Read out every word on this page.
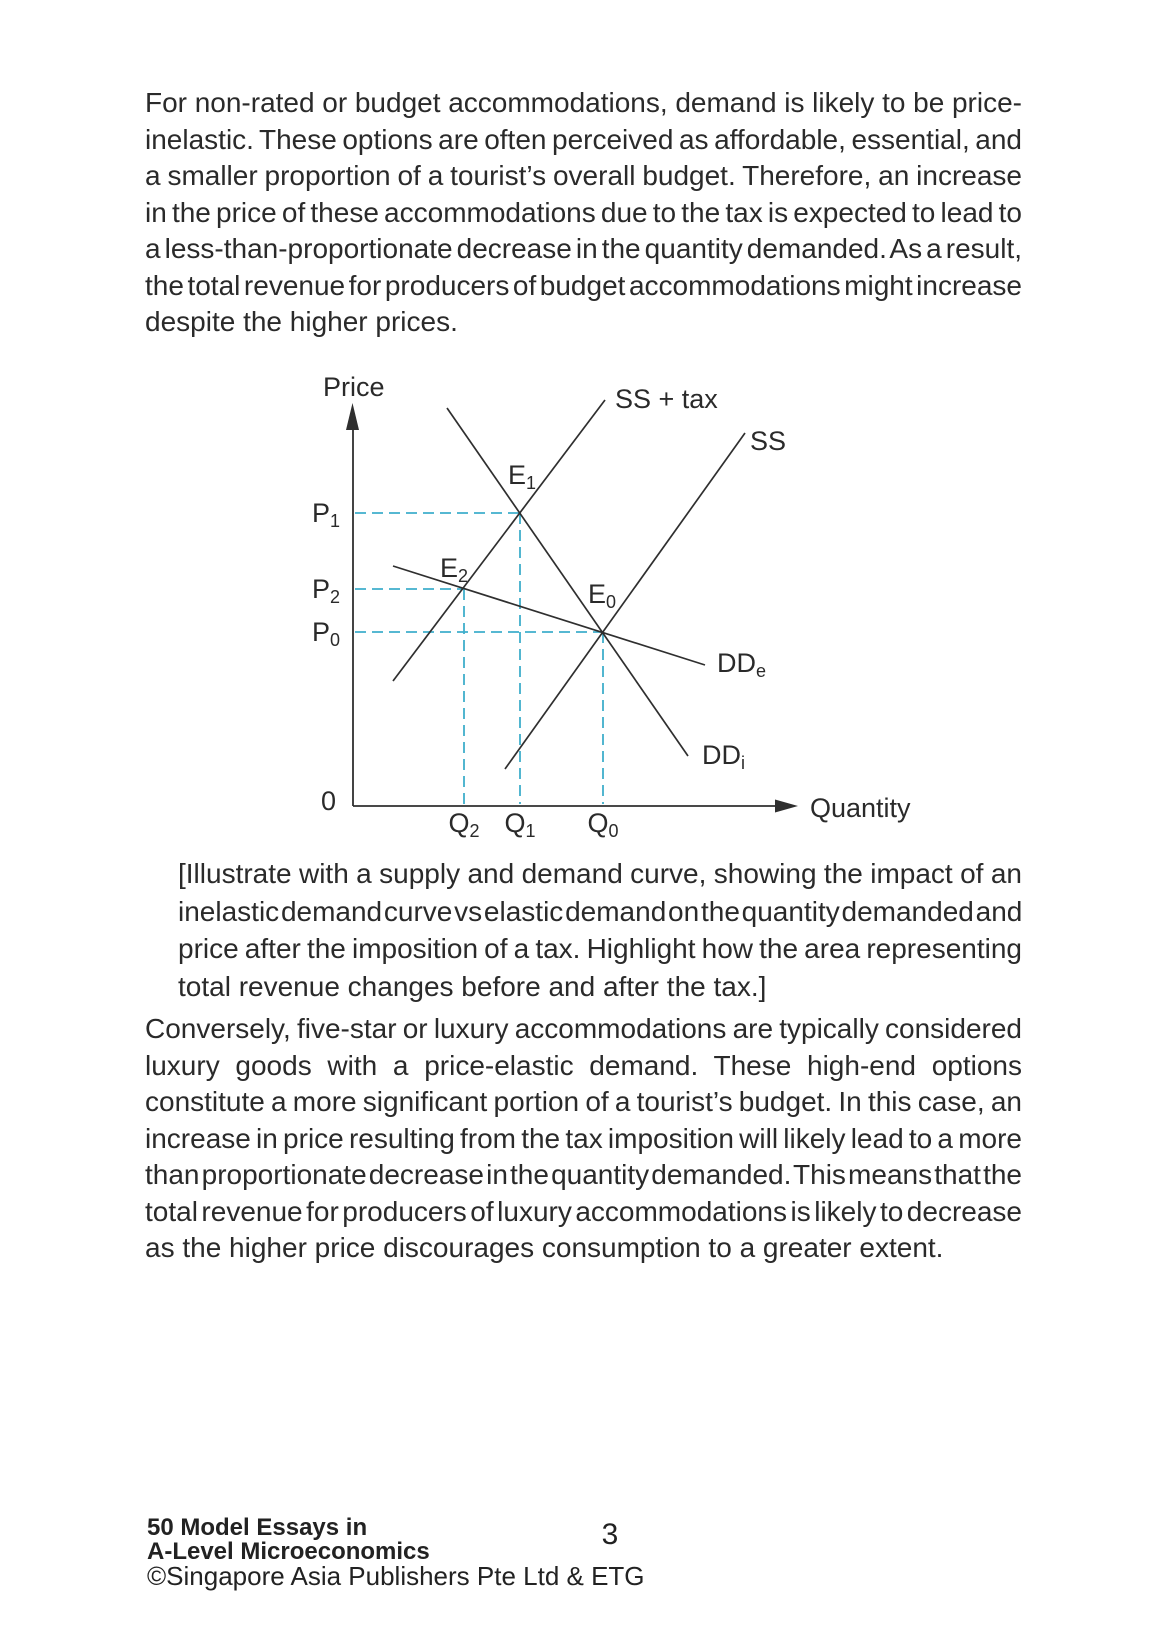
For non-rated or budget accommodations, demand is likely to be price-
inelastic. These options are often perceived as affordable, essential, and
a smaller proportion of a tourist’s overall budget. Therefore, an increase
in the price of these accommodations due to the tax is expected to lead to
a less-than-proportionate decrease in the quantity demanded. As a result,
the total revenue for producers of budget accommodations might increase
despite the higher prices.
Price
Quantity
0
SS + tax
SS
DDe
DDi
E1
E2
E0
P1
P2
P0
Q2 Q1 Q0
[Illustrate with a supply and demand curve, showing the impact of an
inelastic demand curve vs elastic demand on the quantity demanded and
price after the imposition of a tax. Highlight how the area representing
total revenue changes before and after the tax.]
Conversely, five-star or luxury accommodations are typically considered
luxury goods with a price-elastic demand. These high-end options
constitute a more significant portion of a tourist’s budget. In this case, an
increase in price resulting from the tax imposition will likely lead to a more
than proportionate decrease in the quantity demanded. This means that the
total revenue for producers of luxury accommodations is likely to decrease
as the higher price discourages consumption to a greater extent.
50 Model Essays in
A-Level Microeconomics
©Singapore Asia Publishers Pte Ltd & ETG
3
